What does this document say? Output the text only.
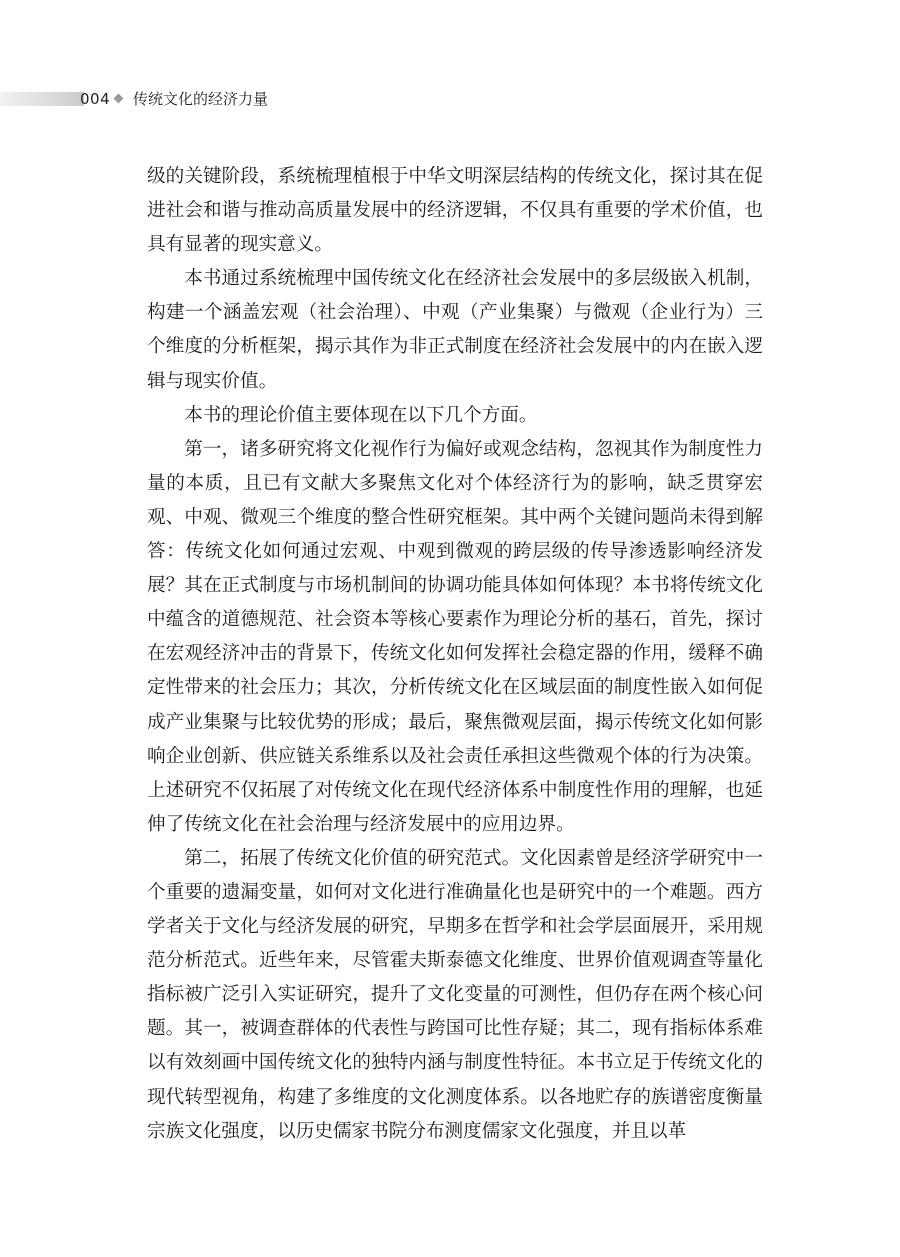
004 传统文化的经济力量

级的关键阶段，系统梳理植根于中华文明深层结构的传统文化，探讨其在促进社会和谐与推动高质量发展中的经济逻辑，不仅具有重要的学术价值，也具有显著的现实意义。

本书通过系统梳理中国传统文化在经济社会发展中的多层级嵌入机制，构建一个涵盖宏观（社会治理）、中观（产业集聚）与微观（企业行为）三个维度的分析框架，揭示其作为非正式制度在经济社会发展中的内在嵌入逻辑与现实价值。

本书的理论价值主要体现在以下几个方面。

第一，诸多研究将文化视作行为偏好或观念结构，忽视其作为制度性力量的本质，且已有文献大多聚焦文化对个体经济行为的影响，缺乏贯穿宏观、中观、微观三个维度的整合性研究框架。其中两个关键问题尚未得到解答：传统文化如何通过宏观、中观到微观的跨层级的传导渗透影响经济发展？其在正式制度与市场机制间的协调功能具体如何体现？本书将传统文化中蕴含的道德规范、社会资本等核心要素作为理论分析的基石，首先，探讨在宏观经济冲击的背景下，传统文化如何发挥社会稳定器的作用，缓释不确定性带来的社会压力；其次，分析传统文化在区域层面的制度性嵌入如何促成产业集聚与比较优势的形成；最后，聚焦微观层面，揭示传统文化如何影响企业创新、供应链关系维系以及社会责任承担这些微观个体的行为决策。上述研究不仅拓展了对传统文化在现代经济体系中制度性作用的理解，也延伸了传统文化在社会治理与经济发展中的应用边界。

第二，拓展了传统文化价值的研究范式。文化因素曾是经济学研究中一个重要的遗漏变量，如何对文化进行准确量化也是研究中的一个难题。西方学者关于文化与经济发展的研究，早期多在哲学和社会学层面展开，采用规范分析范式。近些年来，尽管霍夫斯泰德文化维度、世界价值观调查等量化指标被广泛引入实证研究，提升了文化变量的可测性，但仍存在两个核心问题。其一，被调查群体的代表性与跨国可比性存疑；其二，现有指标体系难以有效刻画中国传统文化的独特内涵与制度性特征。本书立足于传统文化的现代转型视角，构建了多维度的文化测度体系。以各地贮存的族谱密度衡量宗族文化强度，以历史儒家书院分布测度儒家文化强度，并且以革
